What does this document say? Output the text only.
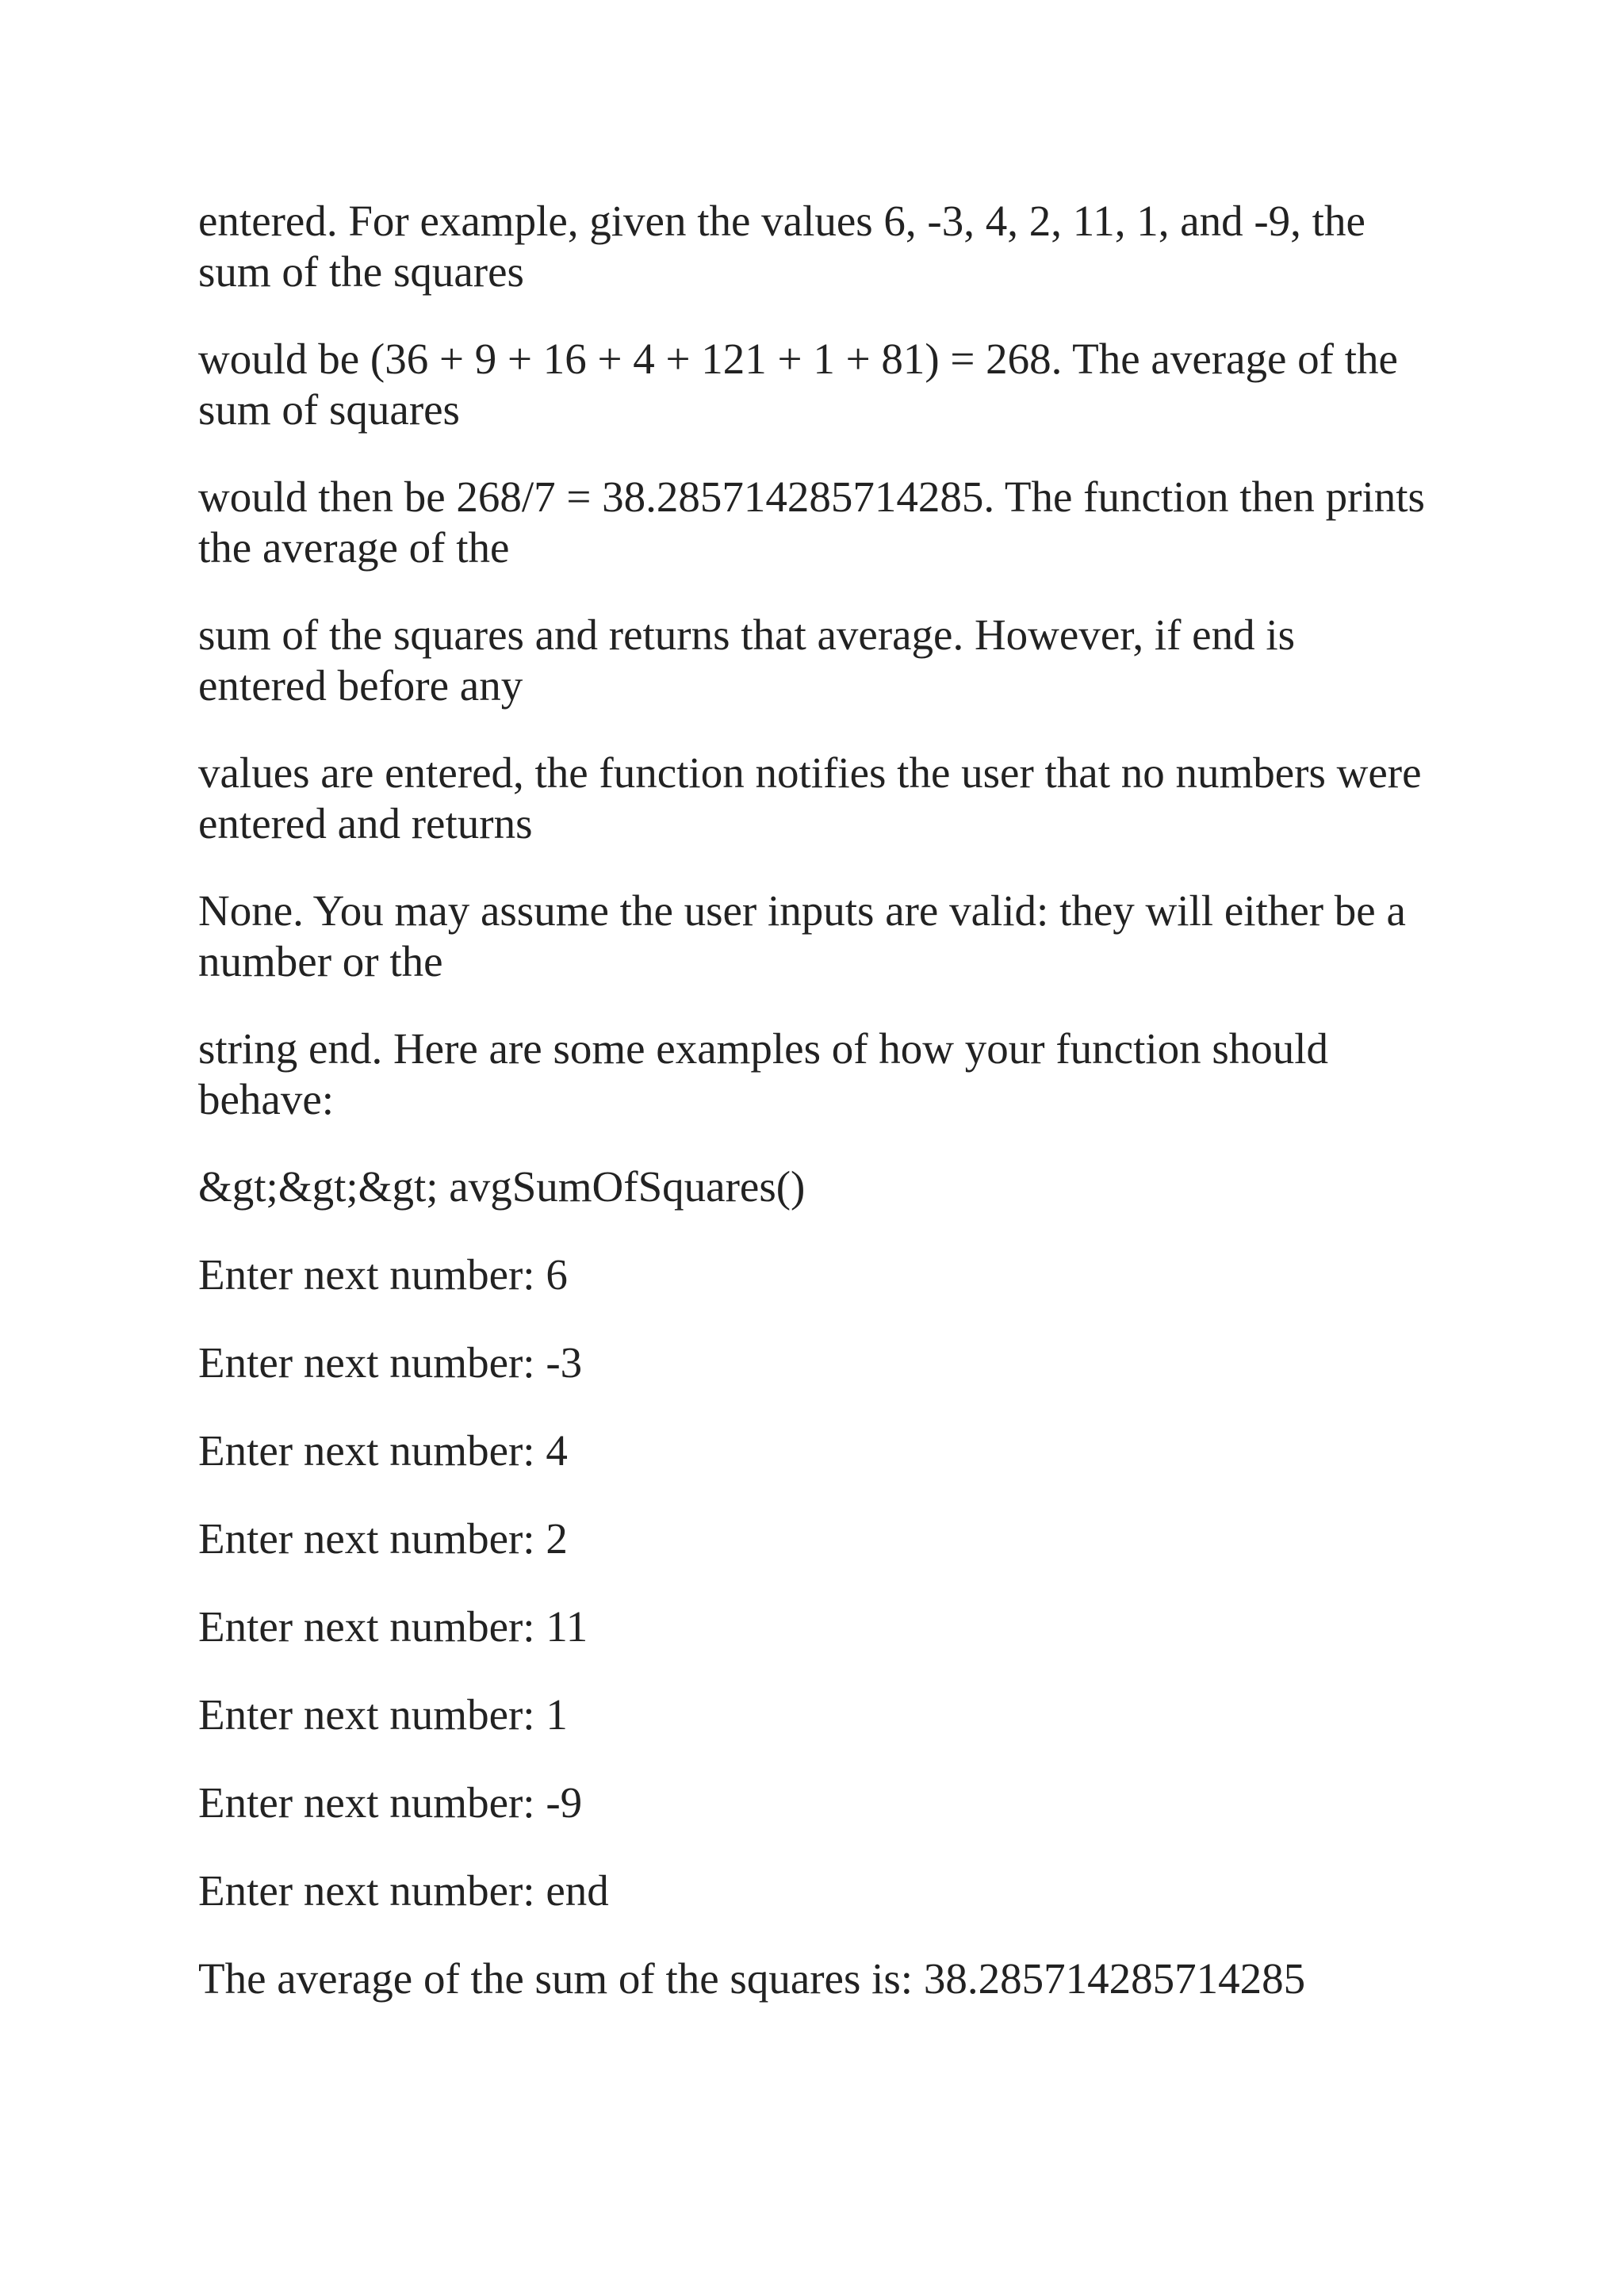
entered. For example, given the values 6, -3, 4, 2, 11, 1, and -9, the
sum of the squares

would be (36 + 9 + 16 + 4 + 121 + 1 + 81) = 268. The average of the
sum of squares

would then be 268/7 = 38.285714285714285. The function then prints
the average of the

sum of the squares and returns that average. However, if end is
entered before any

values are entered, the function notifies the user that no numbers were
entered and returns

None. You may assume the user inputs are valid: they will either be a
number or the

string end. Here are some examples of how your function should
behave:

&gt;&gt;&gt; avgSumOfSquares()
Enter next number: 6
Enter next number: -3
Enter next number: 4
Enter next number: 2
Enter next number: 11
Enter next number: 1
Enter next number: -9
Enter next number: end
The average of the sum of the squares is: 38.285714285714285
